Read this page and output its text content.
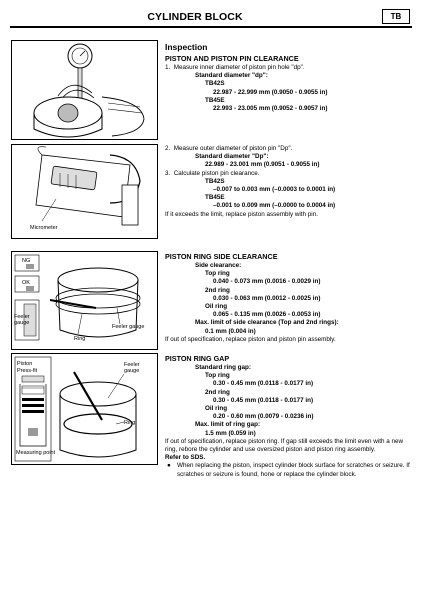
CYLINDER BLOCK	TB
Micrometer
NG
OK
Feeler gauge
Feeler gauge
Ring
Piston
Press-fit
Measuring point
Feeler gauge
Ring
Inspection
PISTON AND PISTON PIN CLEARANCE
1.  Measure inner diameter of piston pin hole "dp".
Standard diameter "dp":
TB42S
22.987 - 22.999 mm (0.9050 - 0.9055 in)
TB45E
22.993 - 23.005 mm (0.9052 - 0.9057 in)
2.  Measure outer diameter of piston pin "Dp".
Standard diameter "Dp":
22.989 - 23.001 mm (0.9051 - 0.9055 in)
3.  Calculate piston pin clearance.
TB42S
–0.007 to 0.003 mm (–0.0003 to 0.0001 in)
TB45E
–0.001 to 0.009 mm (–0.0000 to 0.0004 in)
If it exceeds the limit, replace piston assembly with pin.
PISTON RING SIDE CLEARANCE
Side clearance:
Top ring
0.040 - 0.073 mm (0.0016 - 0.0029 in)
2nd ring
0.030 - 0.063 mm (0.0012 - 0.0025 in)
Oil ring
0.065 - 0.135 mm (0.0026 - 0.0053 in)
Max. limit of side clearance (Top and 2nd rings):
0.1 mm (0.004 in)
If out of specification, replace piston and piston pin assembly.
PISTON RING GAP
Standard ring gap:
Top ring
0.30 - 0.45 mm (0.0118 - 0.0177 in)
2nd ring
0.30 - 0.45 mm (0.0118 - 0.0177 in)
Oil ring
0.20 - 0.60 mm (0.0079 - 0.0236 in)
Max. limit of ring gap:
1.5 mm (0.059 in)
If out of specification, replace piston ring. If gap still exceeds the limit even with a new ring, rebore the cylinder and use oversized piston and piston ring assembly.
Refer to SDS.
● When replacing the piston, inspect cylinder block surface for scratches or seizure. If scratches or seizure is found, hone or replace the cylinder block.
